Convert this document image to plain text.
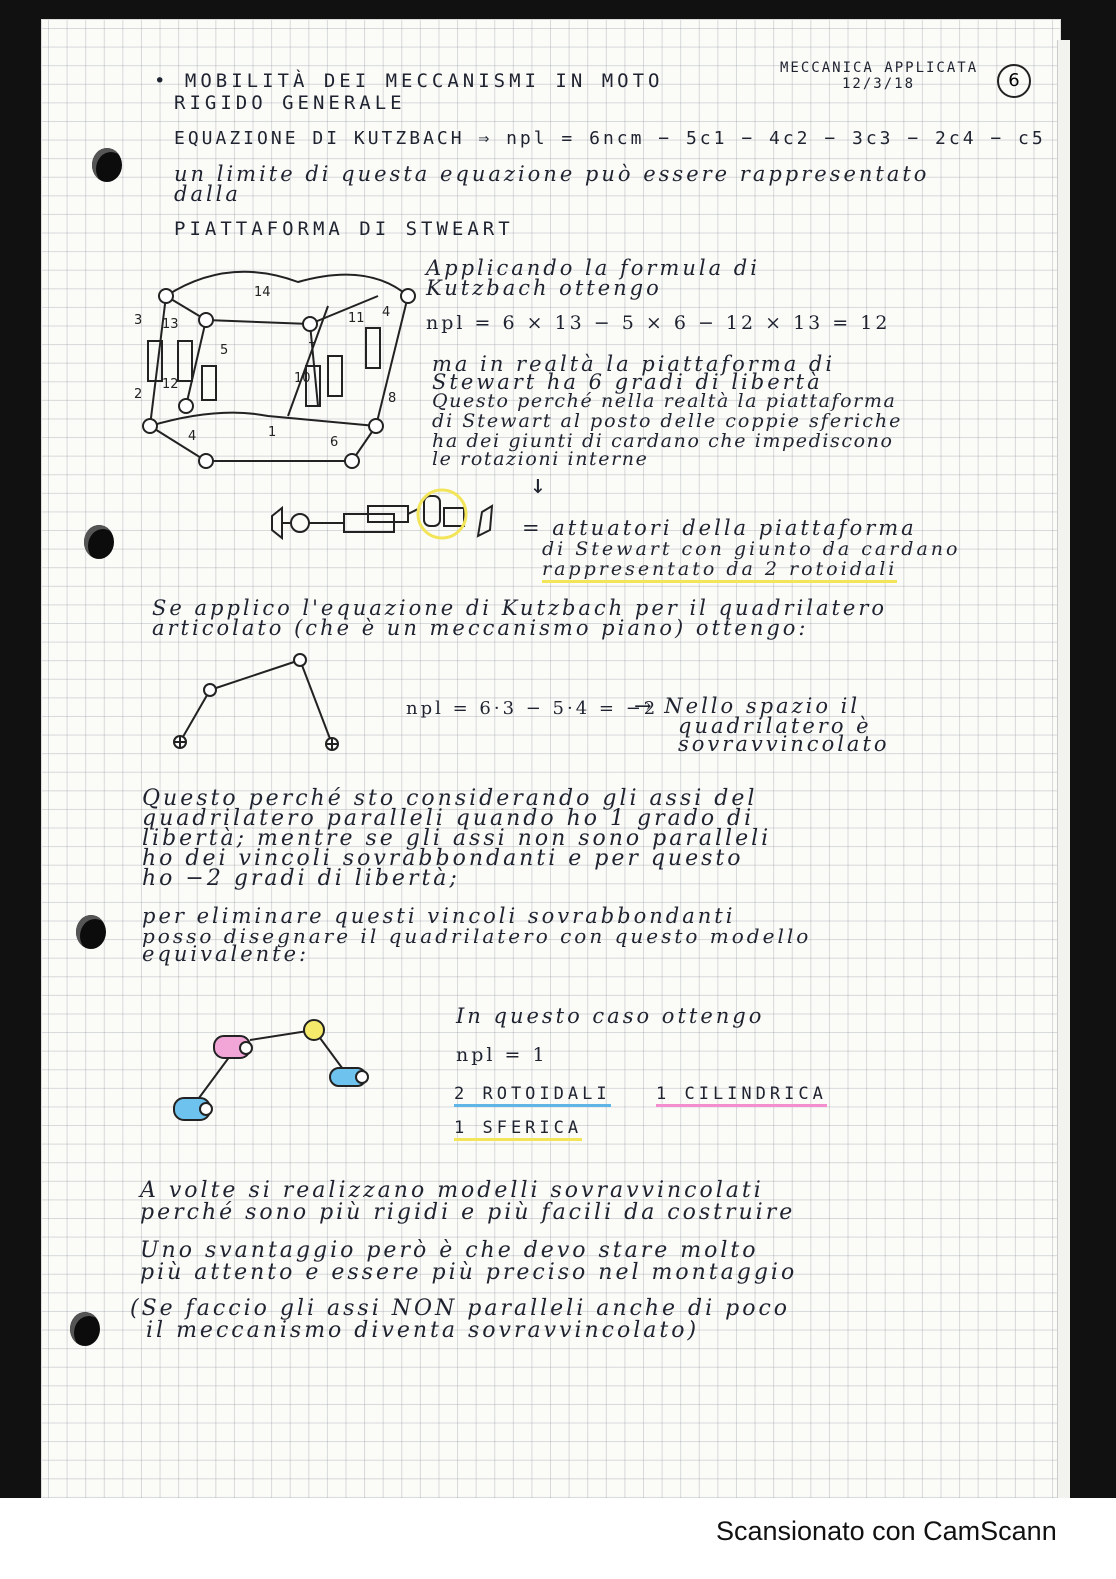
• MOBILITÀ DEI MECCANISMI IN MOTO
RIGIDO GENERALE
MECCANICA APPLICATA
12/3/18	6
EQUAZIONE DI KUTZBACH ⇒ npl = 6ncm − 5c1 − 4c2 − 3c3 − 2c4 − c5
un limite di questa equazione può essere rappresentato
dalla
PIATTAFORMA DI STWEART
14
3 13
5
2
12
7
11 4
10
8
4	1
6
Applicando la formula di
Kutzbach ottengo
npl = 6 × 13 − 5 × 6 − 12 × 13 = 12
ma in realtà la piattaforma di
Stewart ha 6 gradi di libertà
Questo perché nella realtà la piattaforma
di Stewart al posto delle coppie sferiche
ha dei giunti di cardano che impediscono
le rotazioni interne
↓
= attuatori della piattaforma
di Stewart con giunto da cardano
rappresentato da 2 rotoidali
Se applico l'equazione di Kutzbach per il quadrilatero
articolato (che è un meccanismo piano) ottengo:
npl = 6·3 − 5·4 = −2
→ Nello spazio il
quadrilatero è
sovravvincolato
Questo perché sto considerando gli assi del
quadrilatero paralleli quando ho 1 grado di
libertà; mentre se gli assi non sono paralleli
ho dei vincoli sovrabbondanti e per questo
ho −2 gradi di libertà;
per eliminare questi vincoli sovrabbondanti
posso disegnare il quadrilatero con questo modello
equivalente:
In questo caso ottengo
npl = 1
2 ROTOIDALI	1 CILINDRICA
1 SFERICA
A volte si realizzano modelli sovravvincolati
perché sono più rigidi e più facili da costruire
Uno svantaggio però è che devo stare molto
più attento e essere più preciso nel montaggio
(Se faccio gli assi NON paralleli anche di poco
il meccanismo diventa sovravvincolato)
Scansionato con CamScann
